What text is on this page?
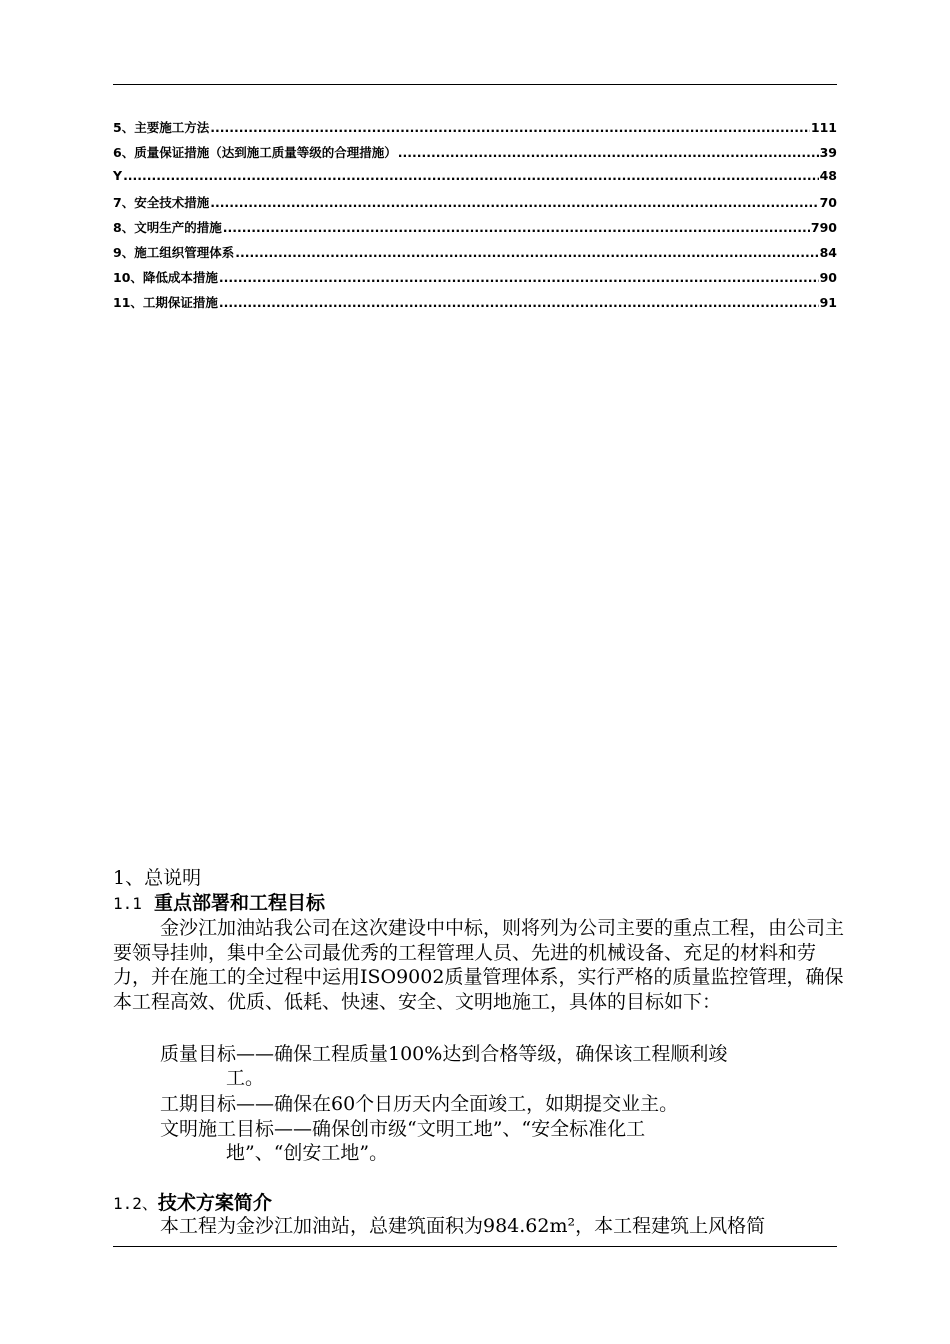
5、主要施工方法 .....	111
6、质量保证措施（达到施工质量等级的合理措施） .....	39
Y .....	48
7、安全技术措施 .....	70
8、文明生产的措施 .....	790
9、施工组织管理体系 .....	84
10、降低成本措施 .....	90
11、工期保证措施 .....	91
1、总说明
1.1 重点部署和工程目标
金沙江加油站我公司在这次建设中中标，则将列为公司主要的重点工程，由公司主要领导挂帅，集中全公司最优秀的工程管理人员、先进的机械设备、充足的材料和劳力，并在施工的全过程中运用ISO9002质量管理体系，实行严格的质量监控管理，确保本工程高效、优质、低耗、快速、安全、文明地施工，具体的目标如下：
质量目标——确保工程质量100%达到合格等级，确保该工程顺利竣
工。
工期目标——确保在60个日历天内全面竣工，如期提交业主。
文明施工目标——确保创市级“文明工地”、“安全标准化工
地”、“创安工地”。
1.2、技术方案简介
本工程为金沙江加油站，总建筑面积为984.62m²，本工程建筑上风格简
